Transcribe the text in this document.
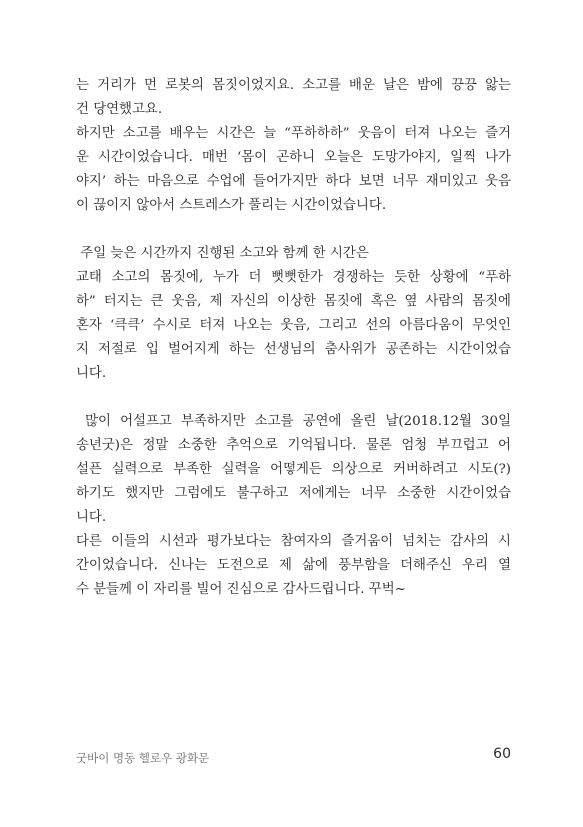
는 거리가 먼 로봇의 몸짓이었지요. 소고를 배운 날은 밤에 끙끙 앓는
건 당연했고요.
하지만 소고를 배우는 시간은 늘 “푸하하하” 웃음이 터져 나오는 즐거
운 시간이었습니다. 매번 ‘몸이 곤하니 오늘은 도망가야지, 일찍 나가
야지’ 하는 마음으로 수업에 들어가지만 하다 보면 너무 재미있고 웃음
이 끊이지 않아서 스트레스가 풀리는 시간이었습니다.
주일 늦은 시간까지 진행된 소고와 함께 한 시간은
교태 소고의 몸짓에, 누가 더 뻣뻣한가 경쟁하는 듯한 상황에 “푸하
하” 터지는 큰 웃음, 제 자신의 이상한 몸짓에 혹은 옆 사람의 몸짓에
혼자 ‘큭큭’ 수시로 터져 나오는 웃음, 그리고 선의 아름다움이 무엇인
지 저절로 입 벌어지게 하는 선생님의 춤사위가 공존하는 시간이었습
니다.
많이 어설프고 부족하지만 소고를 공연에 올린 날(2018.12월 30일
송년굿)은 정말 소중한 추억으로 기억됩니다. 물론 엄청 부끄럽고 어
설픈 실력으로 부족한 실력을 어떻게든 의상으로 커버하려고 시도(?)
하기도 했지만 그럼에도 불구하고 저에게는 너무 소중한 시간이었습
니다.
다른 이들의 시선과 평가보다는 참여자의 즐거움이 넘치는 감사의 시
간이었습니다. 신나는 도전으로 제 삶에 풍부함을 더해주신 우리 열
수 분들께 이 자리를 빌어 진심으로 감사드립니다. 꾸벅~
굿바이 명동 헬로우 광화문	60
